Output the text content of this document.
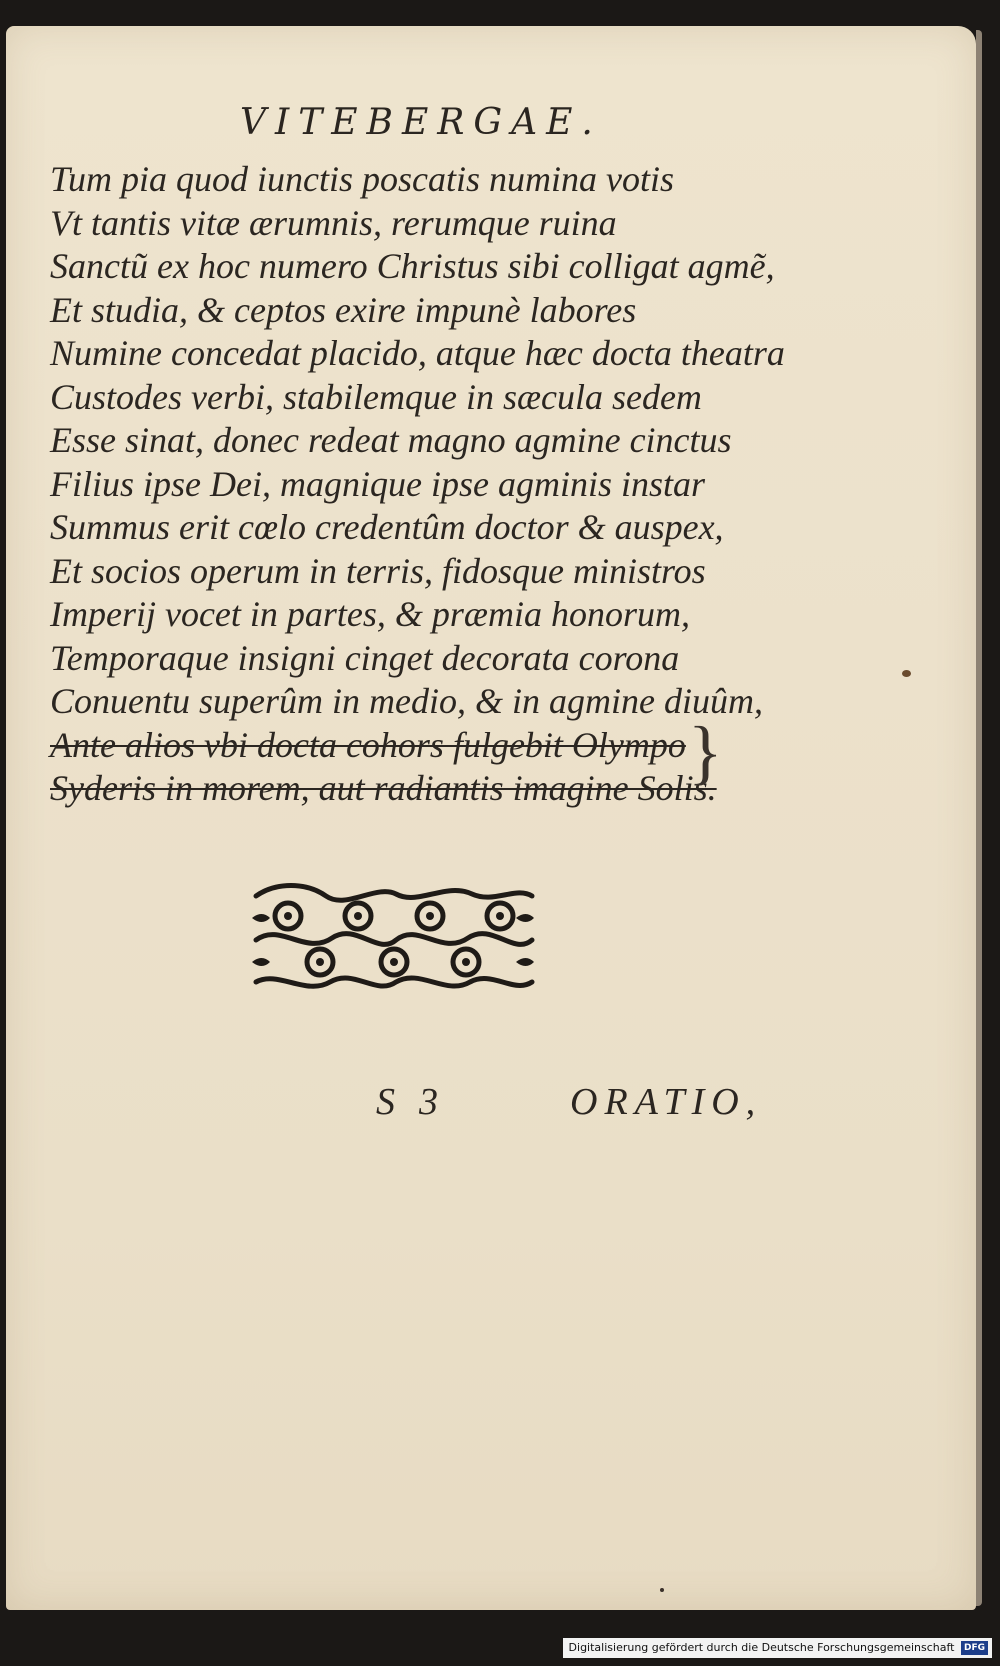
VITEBERGAE.
Tum pia quod iunctis poscatis numina votis
Vt tantis vitæ ærumnis, rerumque ruina
Sanctũ ex hoc numero Christus sibi colligat agmẽ,
Et studia, & ceptos exire impunè labores
Numine concedat placido, atque hæc docta theatra
Custodes verbi, stabilemque in sæcula sedem
Esse sinat, donec redeat magno agmine cinctus
Filius ipse Dei, magnique ipse agminis instar
Summus erit cœlo credentûm doctor & auspex,
Et socios operum in terris, fidosque ministros
Imperij vocet in partes, & præmia honorum,
Temporaque insigni cinget decorata corona
Conuentu superûm in medio, & in agmine diuûm,
Ante alios vbi docta cohors fulgebit Olympo
Syderis in morem, aut radiantis imagine Solis.
}
S 3	ORATIO,
Digitalisierung gefördert durch die Deutsche Forschungsgemeinschaft DFG
